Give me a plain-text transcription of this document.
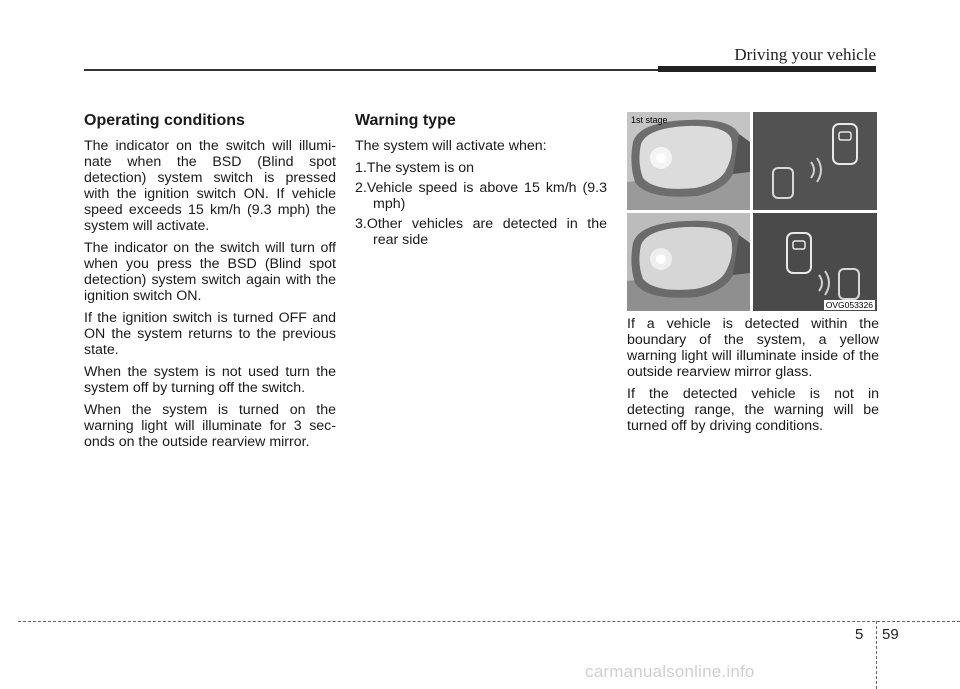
Driving your vehicle
Operating conditions

The indicator on the switch will illumi-nate when the BSD (Blind spot detection) system switch is pressed with the ignition switch ON. If vehicle speed exceeds 15 km/h (9.3 mph) the system will activate.

The indicator on the switch will turn off when you press the BSD (Blind spot detection) system switch again with the ignition switch ON.

If the ignition switch is turned OFF and ON the system returns to the previous state.

When the system is not used turn the system off by turning off the switch.

When the system is turned on the warning light will illuminate for 3 sec-onds on the outside rearview mirror.

Warning type

The system will activate when:

1.The system is on
2.Vehicle speed is above 15 km/h (9.3 mph)
3.Other vehicles are detected in the rear side
1st stage
OVG053326

If a vehicle is detected within the boundary of the system, a yellow warning light will illuminate inside of the outside rearview mirror glass.

If the detected vehicle is not in detecting range, the warning will be turned off by driving conditions.

5 59
carmanualsonline.info
